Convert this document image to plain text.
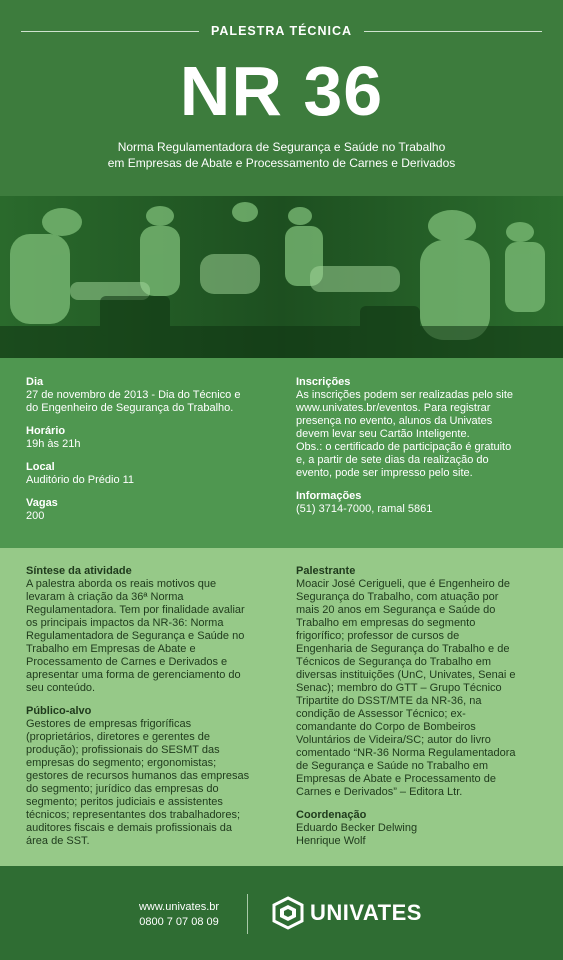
PALESTRA TÉCNICA
NR 36
Norma Regulamentadora de Segurança e Saúde no Trabalho
em Empresas de Abate e Processamento de Carnes e Derivados
Dia
27 de novembro de 2013 - Dia do Técnico e
do Engenheiro de Segurança do Trabalho.
Horário
19h às 21h
Local
Auditório do Prédio 11
Vagas
200
Inscrições
As inscrições podem ser realizadas pelo site
www.univates.br/eventos. Para registrar
presença no evento, alunos da Univates
devem levar seu Cartão Inteligente.
Obs.: o certificado de participação é gratuito
e, a partir de sete dias da realização do
evento, pode ser impresso pelo site.
Informações
(51) 3714-7000, ramal 5861
Síntese da atividade
A palestra aborda os reais motivos que
levaram à criação da 36ª Norma
Regulamentadora. Tem por finalidade avaliar
os principais impactos da NR-36: Norma
Regulamentadora de Segurança e Saúde no
Trabalho em Empresas de Abate e
Processamento de Carnes e Derivados e
apresentar uma forma de gerenciamento do
seu conteúdo.
Público-alvo
Gestores de empresas frigoríficas
(proprietários, diretores e gerentes de
produção); profissionais do SESMT das
empresas do segmento; ergonomistas;
gestores de recursos humanos das empresas
do segmento; jurídico das empresas do
segmento; peritos judiciais e assistentes
técnicos; representantes dos trabalhadores;
auditores fiscais e demais profissionais da
área de SST.
Palestrante
Moacir José Cerigueli, que é Engenheiro de
Segurança do Trabalho, com atuação por
mais 20 anos em Segurança e Saúde do
Trabalho em empresas do segmento
frigorífico; professor de cursos de
Engenharia de Segurança do Trabalho e de
Técnicos de Segurança do Trabalho em
diversas instituições (UnC, Univates, Senai e
Senac); membro do GTT – Grupo Técnico
Tripartite do DSST/MTE da NR-36, na
condição de Assessor Técnico; ex-
comandante do Corpo de Bombeiros
Voluntários de Videira/SC; autor do livro
comentado “NR-36 Norma Regulamentadora
de Segurança e Saúde no Trabalho em
Empresas de Abate e Processamento de
Carnes e Derivados” – Editora Ltr.
Coordenação
Eduardo Becker Delwing
Henrique Wolf
www.univates.br
0800 7 07 08 09	UNIVATES
